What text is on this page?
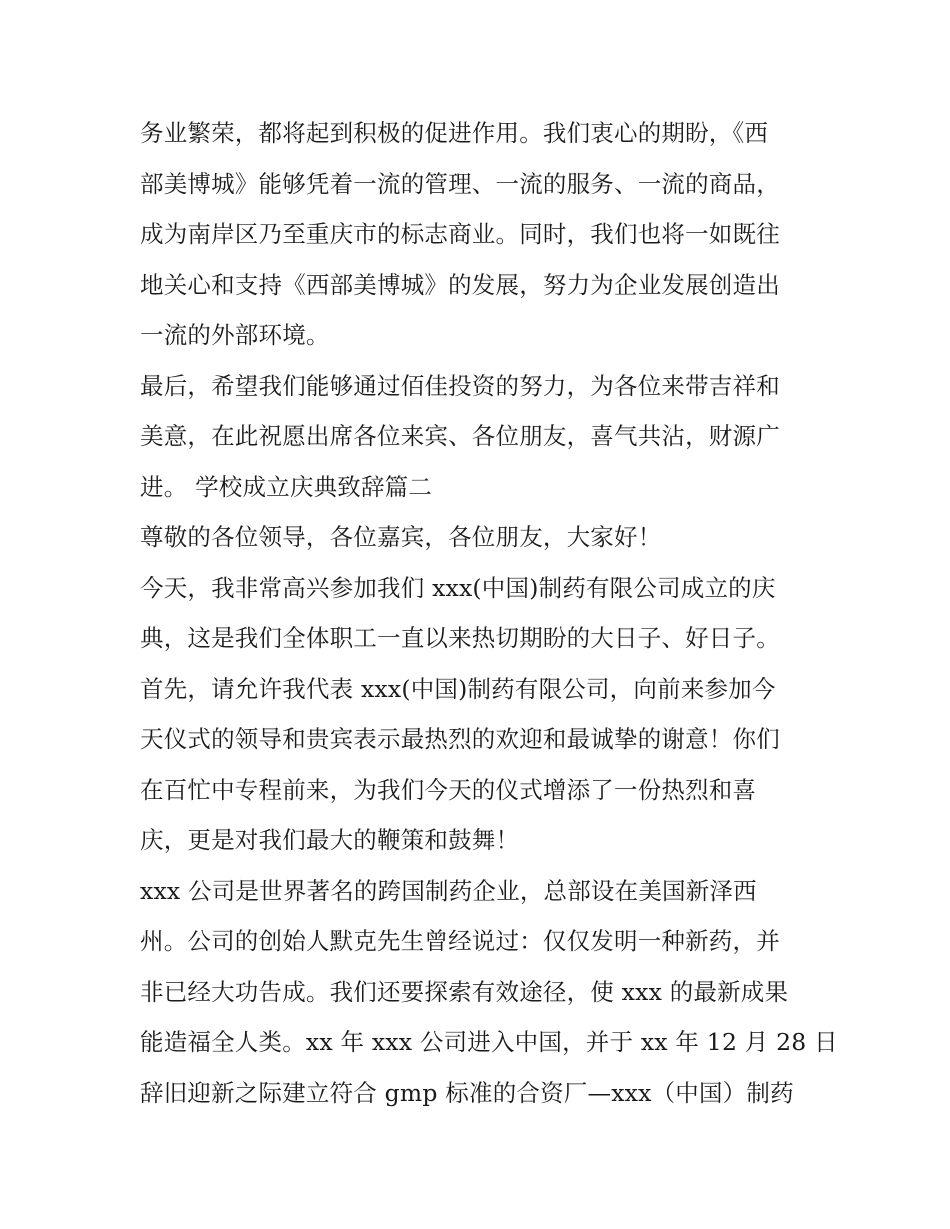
务业繁荣，都将起到积极的促进作用。我们衷心的期盼，《西
部美博城》能够凭着一流的管理、一流的服务、一流的商品，
成为南岸区乃至重庆市的标志商业。同时，我们也将一如既往
地关心和支持《西部美博城》的发展，努力为企业发展创造出
一流的外部环境。
最后，希望我们能够通过佰佳投资的努力，为各位来带吉祥和
美意，在此祝愿出席各位来宾、各位朋友，喜气共沾，财源广
进。 学校成立庆典致辞篇二
尊敬的各位领导，各位嘉宾，各位朋友，大家好！
今天，我非常高兴参加我们 xxx(中国)制药有限公司成立的庆
典，这是我们全体职工一直以来热切期盼的大日子、好日子。
首先，请允许我代表 xxx(中国)制药有限公司，向前来参加今
天仪式的领导和贵宾表示最热烈的欢迎和最诚挚的谢意！你们
在百忙中专程前来，为我们今天的仪式增添了一份热烈和喜
庆，更是对我们最大的鞭策和鼓舞！
xxx 公司是世界著名的跨国制药企业，总部设在美国新泽西
州。公司的创始人默克先生曾经说过：仅仅发明一种新药，并
非已经大功告成。我们还要探索有效途径，使 xxx 的最新成果
能造福全人类。xx 年 xxx 公司进入中国，并于 xx 年 12 月 28 日
辞旧迎新之际建立符合 gmp 标准的合资厂—xxx（中国）制药
